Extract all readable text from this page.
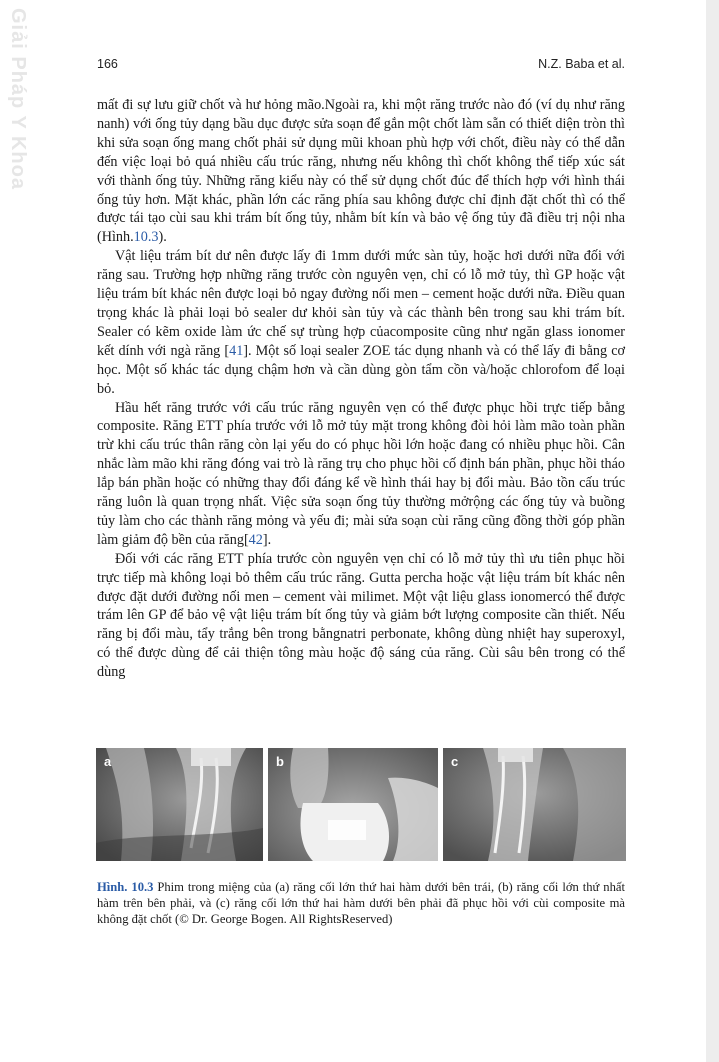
Giải Pháp Y Khoa	166	N.Z. Baba et al.

mất đi sự lưu giữ chốt và hư hỏng mão.Ngoài ra, khi một răng trước nào đó (ví dụ như răng nanh) với ống tủy dạng bầu dục được sửa soạn để gắn một chốt làm sẵn có thiết diện tròn thì khi sửa soạn ống mang chốt phải sử dụng mũi khoan phù hợp với chốt, điều này có thể dẫn đến việc loại bỏ quá nhiều cấu trúc răng, nhưng nếu không thì chốt không thể tiếp xúc sát với thành ống tủy. Những răng kiểu này có thể sử dụng chốt đúc để thích hợp với hình thái ống tủy hơn. Mặt khác, phần lớn các răng phía sau không được chỉ định đặt chốt thì có thể được tái tạo cùi sau khi trám bít ống tủy, nhằm bít kín và bảo vệ ống tủy đã điều trị nội nha (Hình.10.3).

Vật liệu trám bít dư nên được lấy đi 1mm dưới mức sàn tủy, hoặc hơi dưới nữa đối với răng sau. Trường hợp những răng trước còn nguyên vẹn, chỉ có lỗ mở tủy, thì GP hoặc vật liệu trám bít khác nên được loại bỏ ngay đường nối men – cement hoặc dưới nữa. Điều quan trọng khác là phải loại bỏ sealer dư khỏi sàn tủy và các thành bên trong sau khi trám bít. Sealer có kẽm oxide làm ức chế sự trùng hợp củacomposite cũng như ngăn glass ionomer kết dính với ngà răng [41]. Một số loại sealer ZOE tác dụng nhanh và có thể lấy đi bằng cơ học. Một số khác tác dụng chậm hơn và cần dùng gòn tẩm cồn và/hoặc chlorofom để loại bỏ.

Hầu hết răng trước với cấu trúc răng nguyên vẹn có thể được phục hồi trực tiếp bằng composite. Răng ETT phía trước với lỗ mở tủy mặt trong không đòi hỏi làm mão toàn phần trừ khi cấu trúc thân răng còn lại yếu do có phục hồi lớn hoặc đang có nhiều phục hồi. Cân nhắc làm mão khi răng đóng vai trò là răng trụ cho phục hồi cố định bán phần, phục hồi tháo lắp bán phần hoặc có những thay đổi đáng kể về hình thái hay bị đổi màu. Bảo tồn cấu trúc răng luôn là quan trọng nhất. Việc sửa soạn ống tủy thường mởrộng các ống tủy và buồng tủy làm cho các thành răng mỏng và yếu đi; mài sửa soạn cùi răng cũng đồng thời góp phần làm giảm độ bền của răng[42].

Đối với các răng ETT phía trước còn nguyên vẹn chỉ có lỗ mở tủy thì ưu tiên phục hồi trực tiếp mà không loại bỏ thêm cấu trúc răng. Gutta percha hoặc vật liệu trám bít khác nên được đặt dưới đường nối men – cement vài milimet. Một vật liệu glass ionomercó thể được trám lên GP để bảo vệ vật liệu trám bít ống tủy và giảm bớt lượng composite cần thiết. Nếu răng bị đổi màu, tẩy trắng bên trong bằngnatri perbonate, không dùng nhiệt hay superoxyl, có thể được dùng để cải thiện tông màu hoặc độ sáng của răng. Cùi sâu bên trong có thể dùng

a	b	c
Hình. 10.3 Phim trong miệng của (a) răng cối lớn thứ hai hàm dưới bên trái, (b) răng cối lớn thứ nhất hàm trên bên phải, và (c) răng cối lớn thứ hai hàm dưới bên phải đã phục hồi với cùi composite mà không đặt chốt (© Dr. George Bogen. All RightsReserved)
